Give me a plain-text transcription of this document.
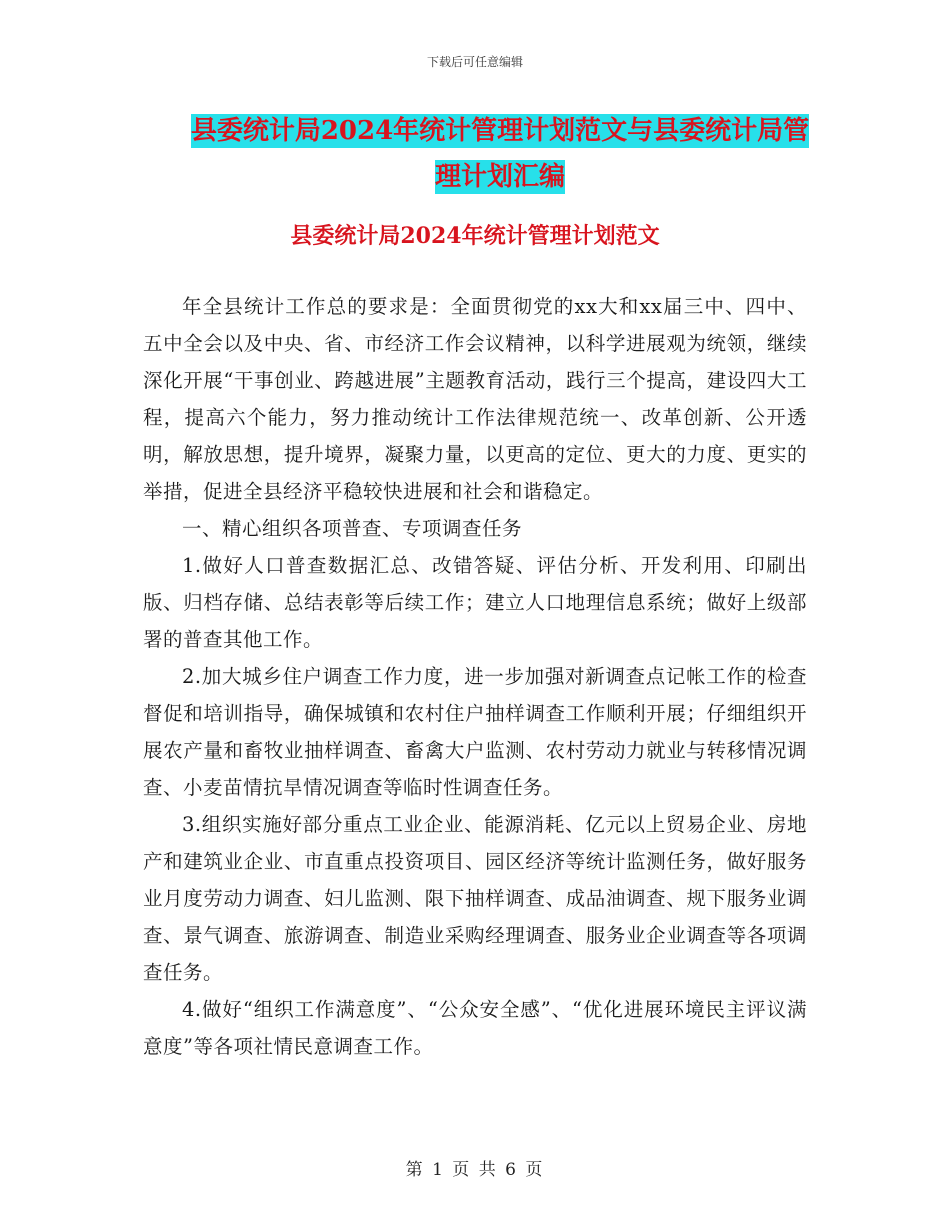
下载后可任意编辑
县委统计局2024年统计管理计划范文与县委统计局管
理计划汇编
县委统计局2024年统计管理计划范文

年全县统计工作总的要求是：全面贯彻党的xx大和xx届三中、四中、五中全会以及中央、省、市经济工作会议精神，以科学进展观为统领，继续深化开展“干事创业、跨越进展”主题教育活动，践行三个提高，建设四大工程，提高六个能力，努力推动统计工作法律规范统一、改革创新、公开透明，解放思想，提升境界，凝聚力量，以更高的定位、更大的力度、更实的举措，促进全县经济平稳较快进展和社会和谐稳定。

一、精心组织各项普查、专项调查任务

1.做好人口普查数据汇总、改错答疑、评估分析、开发利用、印刷出版、归档存储、总结表彰等后续工作；建立人口地理信息系统；做好上级部署的普查其他工作。

2.加大城乡住户调查工作力度，进一步加强对新调查点记帐工作的检查督促和培训指导，确保城镇和农村住户抽样调查工作顺利开展；仔细组织开展农产量和畜牧业抽样调查、畜禽大户监测、农村劳动力就业与转移情况调查、小麦苗情抗旱情况调查等临时性调查任务。

3.组织实施好部分重点工业企业、能源消耗、亿元以上贸易企业、房地产和建筑业企业、市直重点投资项目、园区经济等统计监测任务，做好服务业月度劳动力调查、妇儿监测、限下抽样调查、成品油调查、规下服务业调查、景气调查、旅游调查、制造业采购经理调查、服务业企业调查等各项调查任务。

4.做好“组织工作满意度”、“公众安全感”、“优化进展环境民主评议满意度”等各项社情民意调查工作。

第 1 页 共 6 页
